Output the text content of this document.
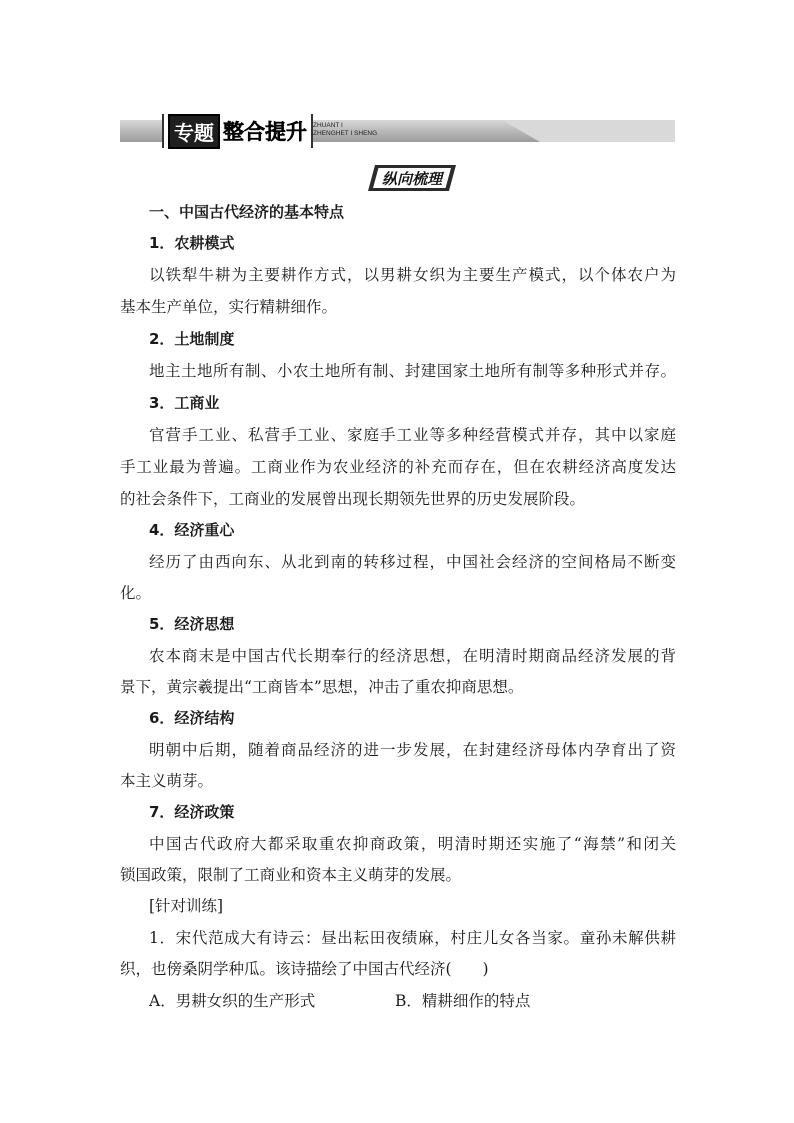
专题 整合提升 ZHUANT I
ZHENGHET I SHENG
纵向梳理
一、中国古代经济的基本特点
1．农耕模式
以铁犁牛耕为主要耕作方式，以男耕女织为主要生产模式，以个体农户为
基本生产单位，实行精耕细作。
2．土地制度
地主土地所有制、小农土地所有制、封建国家土地所有制等多种形式并存。
3．工商业
官营手工业、私营手工业、家庭手工业等多种经营模式并存，其中以家庭
手工业最为普遍。工商业作为农业经济的补充而存在，但在农耕经济高度发达
的社会条件下，工商业的发展曾出现长期领先世界的历史发展阶段。
4．经济重心
经历了由西向东、从北到南的转移过程，中国社会经济的空间格局不断变
化。
5．经济思想
农本商末是中国古代长期奉行的经济思想，在明清时期商品经济发展的背
景下，黄宗羲提出“工商皆本”思想，冲击了重农抑商思想。
6．经济结构
明朝中后期，随着商品经济的进一步发展，在封建经济母体内孕育出了资
本主义萌芽。
7．经济政策
中国古代政府大都采取重农抑商政策，明清时期还实施了“海禁”和闭关
锁国政策，限制了工商业和资本主义萌芽的发展。
[针对训练]
1．宋代范成大有诗云：昼出耘田夜绩麻，村庄儿女各当家。童孙未解供耕
织，也傍桑阴学种瓜。该诗描绘了中国古代经济(　　)
A．男耕女织的生产形式	B．精耕细作的特点
